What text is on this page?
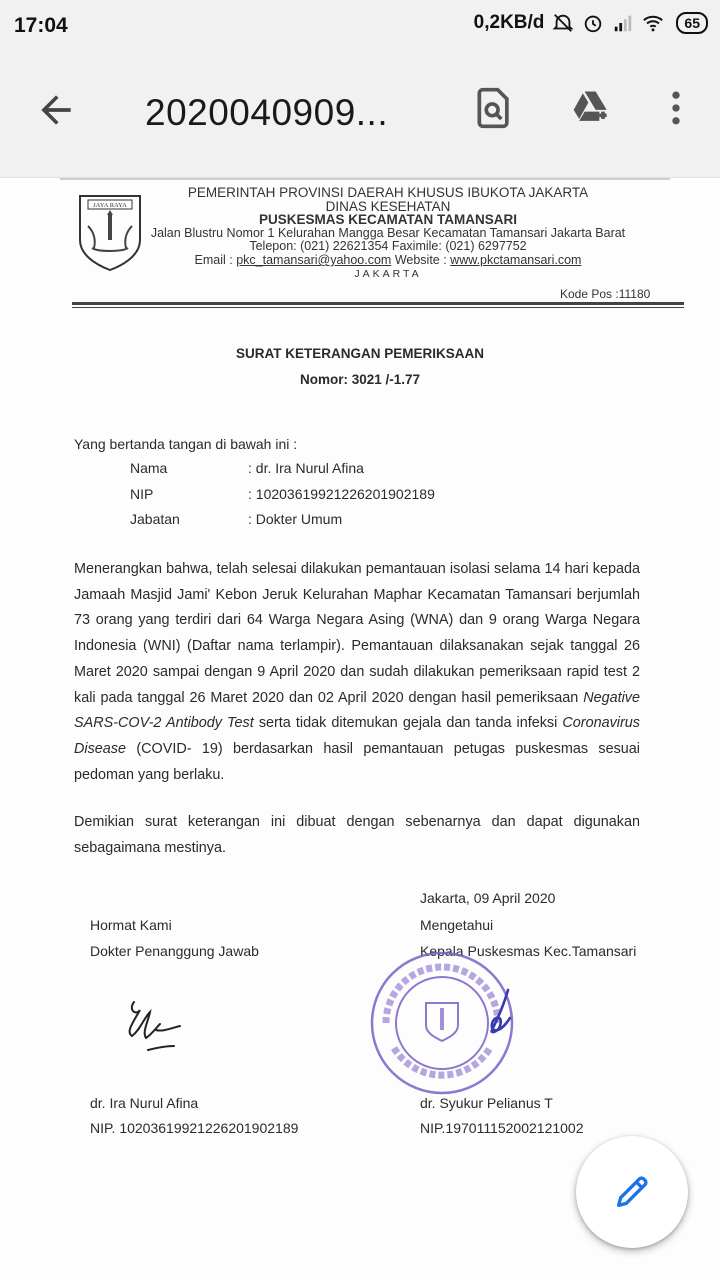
17:04	0,2KB/d	65
2020040909...
JAYA RAYA
PEMERINTAH PROVINSI DAERAH KHUSUS IBUKOTA JAKARTA
DINAS KESEHATAN
PUSKESMAS KECAMATAN TAMANSARI
Jalan Blustru Nomor 1 Kelurahan Mangga Besar Kecamatan Tamansari Jakarta Barat
Telepon: (021) 22621354 Faximile: (021) 6297752
Email : pkc_tamansari@yahoo.com Website : www.pkctamansari.com
JAKARTA
Kode Pos :11180
SURAT KETERANGAN PEMERIKSAAN
Nomor: 3021 /-1.77
Yang bertanda tangan di bawah ini :
Nama	: dr. Ira Nurul Afina
NIP	: 102036199212262019021​89
Jabatan	: Dokter Umum
Menerangkan bahwa, telah selesai dilakukan pemantauan isolasi selama 14 hari kepada Jamaah Masjid Jami' Kebon Jeruk Kelurahan Maphar Kecamatan Tamansari berjumlah 73 orang yang terdiri dari 64 Warga Negara Asing (WNA) dan 9 orang Warga Negara Indonesia (WNI) (Daftar nama terlampir). Pemantauan dilaksanakan sejak tanggal 26 Maret 2020 sampai dengan 9 April 2020 dan sudah dilakukan pemeriksaan rapid test 2 kali pada tanggal 26 Maret 2020 dan 02 April 2020 dengan hasil pemeriksaan Negative SARS-COV-2 Antibody Test serta tidak ditemukan gejala dan tanda infeksi Coronavirus Disease (COVID- 19) berdasarkan hasil pemantauan petugas puskesmas sesuai pedoman yang berlaku.
Demikian surat keterangan ini dibuat dengan sebenarnya dan dapat digunakan sebagaimana mestinya.
Jakarta, 09 April 2020
Hormat Kami
Dokter Penanggung Jawab
Mengetahui
Kepala Puskesmas Kec.Tamansari
dr. Ira Nurul Afina
NIP. 102036199212262019021​89
dr. Syukur Pelianus T
NIP.197011152002121002
